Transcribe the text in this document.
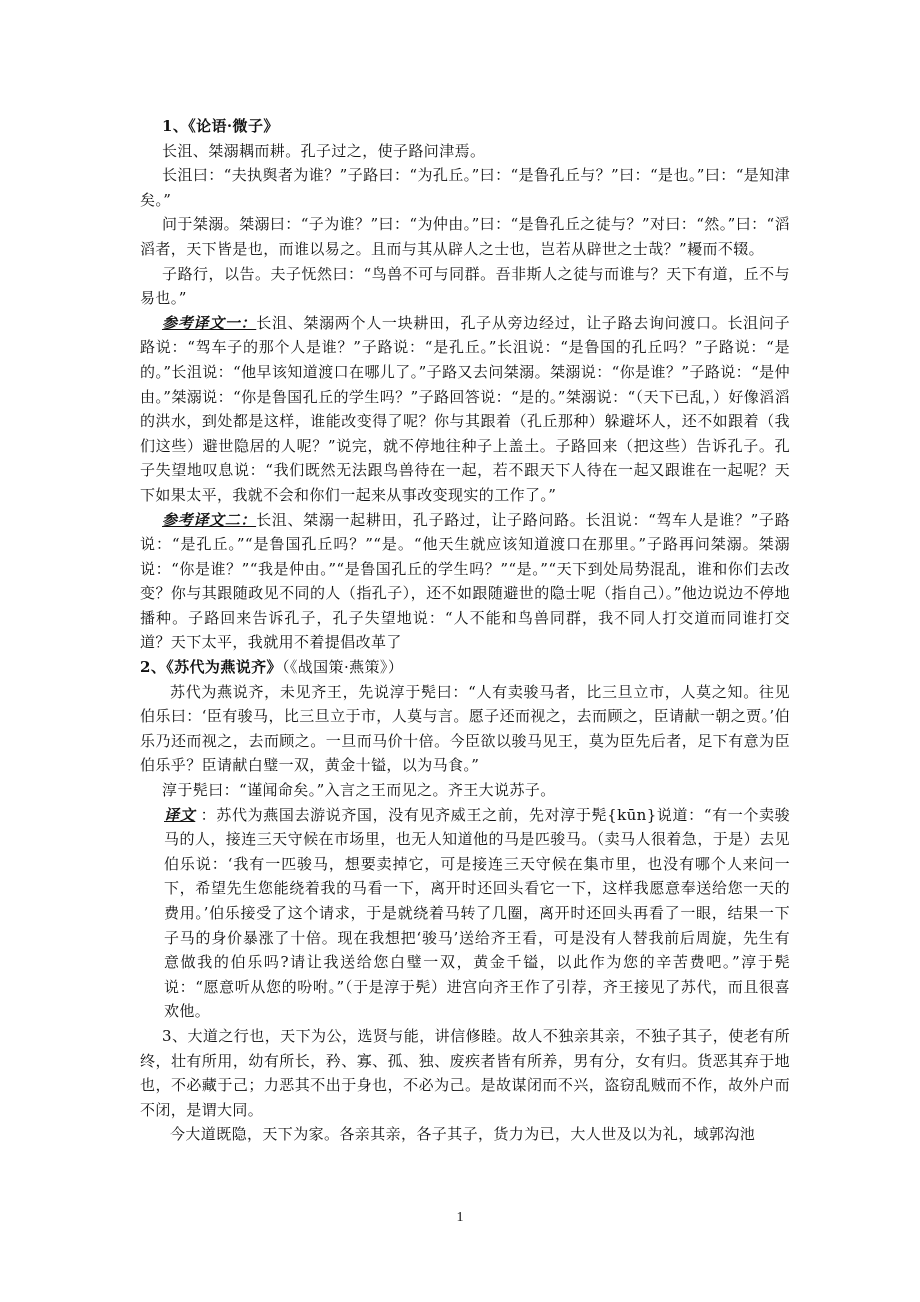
1、《论语·微子》

长沮、桀溺耦而耕。孔子过之，使子路问津焉。

长沮曰：“夫执舆者为谁？”子路曰：“为孔丘。”曰：“是鲁孔丘与？”曰：“是也。”曰：“是知津矣。”

问于桀溺。桀溺曰：“子为谁？”曰：“为仲由。”曰：“是鲁孔丘之徒与？”对曰：“然。”曰：“滔滔者，天下皆是也，而谁以易之。且而与其从辟人之士也，岂若从辟世之士哉？”耰而不辍。

子路行，以告。夫子怃然曰：“鸟兽不可与同群。吾非斯人之徒与而谁与？天下有道，丘不与易也。”

参考译文一：长沮、桀溺两个人一块耕田，孔子从旁边经过，让子路去询问渡口。长沮问子路说：“驾车子的那个人是谁？”子路说：“是孔丘。”长沮说：“是鲁国的孔丘吗？”子路说：“是的。”长沮说：“他早该知道渡口在哪儿了。”子路又去问桀溺。桀溺说：“你是谁？”子路说：“是仲由。”桀溺说：“你是鲁国孔丘的学生吗？”子路回答说：“是的。”桀溺说：“（天下已乱，）好像滔滔的洪水，到处都是这样，谁能改变得了呢？你与其跟着（孔丘那种）躲避坏人，还不如跟着（我们这些）避世隐居的人呢？”说完，就不停地往种子上盖土。子路回来（把这些）告诉孔子。孔子失望地叹息说：“我们既然无法跟鸟兽待在一起，若不跟天下人待在一起又跟谁在一起呢？天下如果太平，我就不会和你们一起来从事改变现实的工作了。”

参考译文二：长沮、桀溺一起耕田，孔子路过，让子路问路。长沮说：“驾车人是谁？”子路说：“是孔丘。”“是鲁国孔丘吗？”“是。“他天生就应该知道渡口在那里。”子路再问桀溺。桀溺说：“你是谁？”“我是仲由。”“是鲁国孔丘的学生吗？”“是。”“天下到处局势混乱，谁和你们去改变？你与其跟随政见不同的人（指孔子），还不如跟随避世的隐士呢（指自己）。”他边说边不停地播种。子路回来告诉孔子，孔子失望地说：“人不能和鸟兽同群，我不同人打交道而同谁打交道？天下太平，我就用不着提倡改革了

2、《苏代为燕说齐》（《战国策·燕策》）

苏代为燕说齐，未见齐王，先说淳于髡曰：“人有卖骏马者，比三旦立市，人莫之知。往见伯乐曰：‘臣有骏马，比三旦立于市，人莫与言。愿子还而视之，去而顾之，臣请献一朝之贾。’伯乐乃还而视之，去而顾之。一旦而马价十倍。今臣欲以骏马见王，莫为臣先后者，足下有意为臣伯乐乎？臣请献白璧一双，黄金十镒，以为马食。”

淳于髡曰：“谨闻命矣。”入言之王而见之。齐王大说苏子。

译文 ：苏代为燕国去游说齐国，没有见齐威王之前，先对淳于髡{kūn}说道：“有一个卖骏马的人，接连三天守候在市场里，也无人知道他的马是匹骏马。（卖马人很着急，于是）去见伯乐说：‘我有一匹骏马，想要卖掉它，可是接连三天守候在集市里，也没有哪个人来问一下，希望先生您能绕着我的马看一下，离开时还回头看它一下，这样我愿意奉送给您一天的费用。’伯乐接受了这个请求，于是就绕着马转了几圈，离开时还回头再看了一眼，结果一下子马的身价暴涨了十倍。现在我想把‘骏马’送给齐王看，可是没有人替我前后周旋，先生有意做我的伯乐吗?请让我送给您白璧一双，黄金千镒，以此作为您的辛苦费吧。”淳于髡说：“愿意听从您的吩咐。”（于是淳于髡）进宫向齐王作了引荐，齐王接见了苏代，而且很喜欢他。

3、大道之行也，天下为公，选贤与能，讲信修睦。故人不独亲其亲，不独子其子，使老有所终，壮有所用，幼有所长，矜、寡、孤、独、废疾者皆有所养，男有分，女有归。货恶其弃于地也，不必藏于己；力恶其不出于身也，不必为己。是故谋闭而不兴，盗窃乱贼而不作，故外户而不闭，是谓大同。

今大道既隐，天下为家。各亲其亲，各子其子，货力为已，大人世及以为礼，域郭沟池

1
